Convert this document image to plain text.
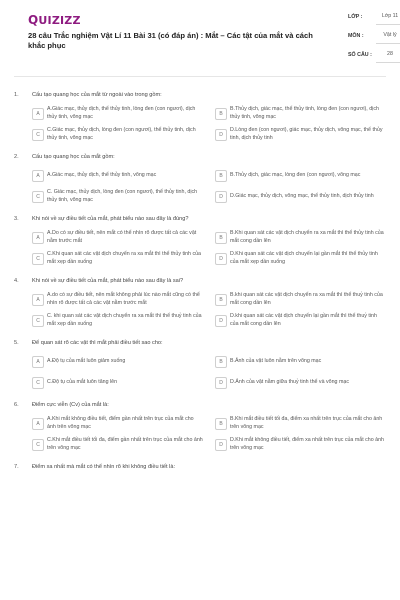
QUIZIZZ
28 câu Trắc nghiệm Vật Lí 11 Bài 31 (có đáp án) : Mắt – Các tật của mắt và cách khắc phục
LỚP :	Lớp 11
MÔN :	Vật lý
SỐ CÂU :	28
1.	Cấu tạo quang học của mắt từ ngoài vào trong gồm:
A
A.Giác mạc, thủy dịch, thể thủy tinh, lòng đen (con ngươi), dịch thủy tinh, võng mạc	B
B.Thủy dịch, giác mạc, thể thủy tinh, lòng đen (con ngươi), dịch thủy tinh, võng mạc
C
C.Giác mạc, thủy dịch, lòng đen (con ngươi), thể thủy tinh, dịch thủy tinh, võng mạc	D
D.Lòng đen (con ngươi), giác mạc, thủy dịch, võng mạc, thể thủy tinh, dịch thủy tinh
2.	Cấu tạo quang học của mắt gồm:
A	A.Giác mạc, thủy dịch, thể thủy tinh, võng mạc	B	B.Thủy dịch, giác mạc, lòng đen (con ngươi), võng mạc
C
C. Giác mạc, thủy dịch, lòng đen (con ngươi), thể thủy tinh, dịch thủy tinh, võng mạc	D	D.Giác mạc, thủy dịch, võng mạc, thể thủy tinh, dịch thủy tinh
3.	Khi nói về sự điều tiết của mắt, phát biểu nào sau đây là đúng?
A
A.Do có sự điều tiết, nên mắt có thể nhìn rõ được tất cả các vật nằm trước mắt	B
B.Khi quan sát các vật dịch chuyển ra xa mắt thì thể thủy tinh của mắt cong dần lên
C
C.Khi quan sát các vật dịch chuyển ra xa mắt thì thể thủy tinh của mắt xẹp dần xuống	D
D.Khi quan sát các vật dịch chuyển lại gần mắt thì thể thủy tinh của mắt xẹp dần xuống
4.	Khi nói về sự điều tiết của mắt, phát biểu nào sau đây là sai?
A
A.do có sự điều tiết, nên mắt không phải lúc nào mắt cũng có thể nhìn rõ được tất cả các vật nằm trước mắt	B
B.khi quan sát các vật dịch chuyển ra xa mắt thì thể thuỷ tinh của mắt cong dần lên
C
C. khi quan sát các vật dịch chuyển ra xa mắt thì thể thuỷ tinh của mắt xẹp dần xuống	D
D.khi quan sát các vật dịch chuyển lại gần mắt thì thể thuỷ tinh của mắt cong dần lên
5.	Để quan sát rõ các vật thì mắt phải điều tiết sao cho:
A	A.Độ tụ của mắt luôn giảm xuống	B	B.Ảnh của vật luôn nằm trên võng mạc
C	C.Độ tụ của mắt luôn tăng lên	D	D.Ảnh của vật nằm giữa thuỷ tinh thể và võng mạc
6.	Điểm cực viễn (Cv) của mắt là:
A
A.Khi mắt không điều tiết, điểm gần nhất trên trục của mắt cho ảnh trên võng mạc	B
B.Khi mắt điều tiết tối đa, điểm xa nhất trên trục của mắt cho ảnh trên võng mạc
C
C.Khi mắt điều tiết tối đa, điểm gần nhất trên trục của mắt cho ảnh trên võng mạc	D
D.Khi mắt không điều tiết, điểm xa nhất trên trục của mắt cho ảnh trên võng mạc
7.	Điểm xa nhất mà mắt có thể nhìn rõ khi không điều tiết là:
